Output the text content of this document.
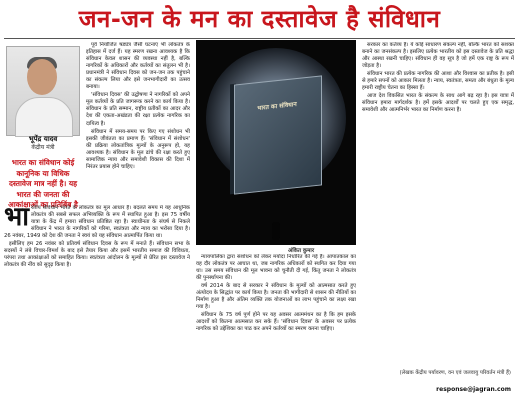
जन-जन के मन का दस्तावेज है संविधान
भूपेंद्र यादव
केंद्रीय मंत्री
भारत का संविधान कोई कानूनिक या विधिक दस्तावेज मात्र नहीं है। यह भारत की जनता की आकांक्षाओं का प्रतिबिंब है

भारतीय संविधान भारत के लोकतंत्र का मूल आधार है। बदलते समय में यह आधुनिक लोकतंत्र की सबसे सफल अभिव्यक्ति के रूप में स्थापित हुआ है। इस 75 वर्षीय यात्रा के केंद्र में हमारा संविधान प्रतिष्ठित रहा है। स्वाधीनता के संघर्ष से निकले संविधान ने भारत के नागरिकों को गरिमा, स्वतंत्रता और न्याय का भरोसा दिया है। 26 नवंबर, 1949 को देश की जनता ने स्वयं को यह संविधान आत्मार्पित किया था।

इसीलिए हम 26 नवंबर को प्रतिवर्ष संविधान दिवस के रूप में मनाते हैं। संविधान सभा के सदस्यों ने लंबे विचार-विमर्श के बाद इसे तैयार किया और इसमें भारतीय समाज की विविधता, परंपरा तथा आकांक्षाओं को समाहित किया। स्वतंत्रता आंदोलन के मूल्यों से प्रेरित इस दस्तावेज ने लोकतंत्र की नींव को सुदृढ़ किया है।

पूर्व नियोजित षड्यंत्र जैसी घटनाएं भी लोकतंत्र के इतिहास में दर्ज हैं। यह स्मरण रखना आवश्यक है कि संविधान केवल शासन की व्यवस्था नहीं है, बल्कि नागरिकों के अधिकारों और कर्तव्यों का संतुलन भी है। प्रधानमंत्री ने संविधान दिवस को जन-जन तक पहुंचाने का संकल्प लिया और इसे जनभागीदारी का उत्सव बनाया।

'संविधान दिवस' की उद्घोषणा ने नागरिकों को अपने मूल कर्तव्यों के प्रति जागरूक करने का कार्य किया है। संविधान के प्रति सम्मान, राष्ट्रीय प्रतीकों का आदर और देश की एकता-अखंडता की रक्षा प्रत्येक नागरिक का दायित्व है।

संविधान में समय-समय पर किए गए संशोधन भी इसकी जीवंतता का प्रमाण हैं। 'संविधान में संशोधन' की प्रक्रिया लोकतांत्रिक मूल्यों के अनुरूप हो, यह आवश्यक है। संविधान के मूल ढांचे की रक्षा करते हुए सामाजिक न्याय और समावेशी विकास की दिशा में निरंतर प्रयास होने चाहिए।

भारत का संविधान
अंकित कुमार

न्यायपालिका द्वारा संशोधन को लेकर मर्यादा निर्धारित की गई है। आपातकाल का वह दौर लोकतंत्र पर आघात था, जब नागरिक अधिकारों को स्थगित कर दिया गया था। उस समय संविधान की मूल भावना को चुनौती दी गई, किंतु जनता ने लोकतंत्र की पुनर्स्थापना की।

वर्ष 2014 के बाद से सरकार ने संविधान के मूल्यों को आत्मसात करते हुए अंत्योदय के सिद्धांत पर कार्य किया है। जनता की भागीदारी से शासन की नीतियों का निर्माण हुआ है और अंतिम व्यक्ति तक योजनाओं का लाभ पहुंचाने का लक्ष्य रखा गया है।

संविधान के 75 वर्ष पूर्ण होने पर यह अवसर आत्ममंथन का है कि हम इसके आदर्शों को कितना आत्मसात कर सके हैं। 'संविधान दिवस' के अवसर पर प्रत्येक नागरिक को उद्देशिका का पाठ कर अपने कर्तव्यों का स्मरण करना चाहिए।

सरकार का कर्तव्य है। ये कोई साधारण संकल्प नहीं, बल्कि भारत को सशक्त बनाने का जनसंकल्प है। इसलिए प्रत्येक भारतीय को इस दस्तावेज के प्रति श्रद्धा और आस्था रखनी चाहिए। संविधान ही वह सूत्र है जो हमें एक राष्ट्र के रूप में जोड़ता है।

संविधान भारत की प्रत्येक नागरिक की आशा और विश्वास का प्रतीक है। इसी से हमारे सपनों को आकार मिलता है। न्याय, स्वतंत्रता, समता और बंधुता के मूल्य हमारी राष्ट्रीय चेतना का हिस्सा हैं।

आज देश विकसित भारत के संकल्प के साथ आगे बढ़ रहा है। इस यात्रा में संविधान हमारा मार्गदर्शक है। हमें इसके आदर्शों पर चलते हुए एक समृद्ध, समावेशी और आत्मनिर्भर भारत का निर्माण करना है।

(लेखक केंद्रीय पर्यावरण, वन एवं जलवायु परिवर्तन मंत्री हैं)
response@jagran.com
